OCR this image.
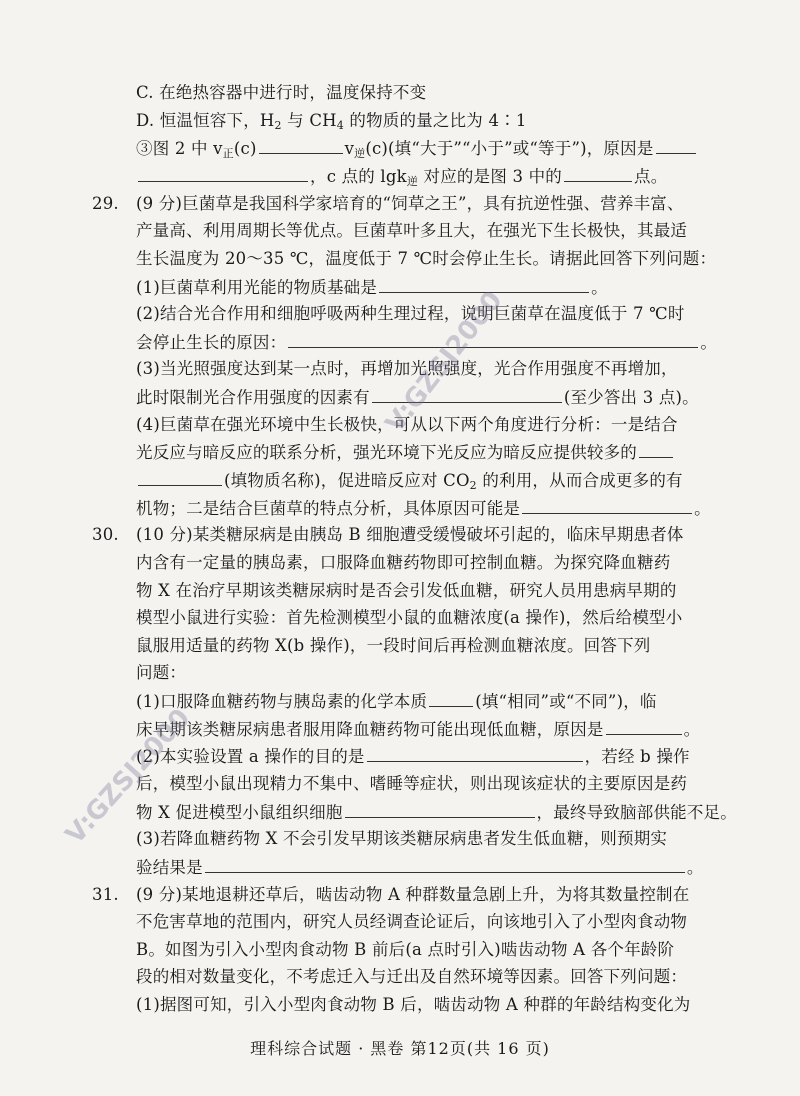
C. 在绝热容器中进行时，温度保持不变
D. 恒温恒容下，$H_2$ 与 $CH_4$ 的物质的量之比为 4∶1
③图 2 中 $v_正(c)$	$v_逆(c)$(填“大于”“小于”或“等于”)，原因是
，c 点的 lgk$_逆$ 对应的是图 3 中的	点。
29. (9 分)巨菌草是我国科学家培育的“饲草之王”，具有抗逆性强、营养丰富、
产量高、利用周期长等优点。巨菌草叶多且大，在强光下生长极快，其最适
生长温度为 20～35 ℃，温度低于 7 ℃时会停止生长。请据此回答下列问题：
(1)巨菌草利用光能的物质基础是	。
(2)结合光合作用和细胞呼吸两种生理过程，说明巨菌草在温度低于 7 ℃时
会停止生长的原因：	。
(3)当光照强度达到某一点时，再增加光照强度，光合作用强度不再增加，
此时限制光合作用强度的因素有	(至少答出 3 点)。
(4)巨菌草在强光环境中生长极快，可从以下两个角度进行分析：一是结合
光反应与暗反应的联系分析，强光环境下光反应为暗反应提供较多的
(填物质名称)，促进暗反应对 $CO_2$ 的利用，从而合成更多的有
机物；二是结合巨菌草的特点分析，具体原因可能是	。
30. (10 分)某类糖尿病是由胰岛 B 细胞遭受缓慢破坏引起的，临床早期患者体
内含有一定量的胰岛素，口服降血糖药物即可控制血糖。为探究降血糖药
物 X 在治疗早期该类糖尿病时是否会引发低血糖，研究人员用患病早期的
模型小鼠进行实验：首先检测模型小鼠的血糖浓度(a 操作)，然后给模型小
鼠服用适量的药物 X(b 操作)，一段时间后再检测血糖浓度。回答下列
问题：
(1)口服降血糖药物与胰岛素的化学本质	(填“相同”或“不同”)，临
床早期该类糖尿病患者服用降血糖药物可能出现低血糖，原因是	。
(2)本实验设置 a 操作的目的是	，若经 b 操作
后，模型小鼠出现精力不集中、嗜睡等症状，则出现该症状的主要原因是药
物 X 促进模型小鼠组织细胞	，最终导致脑部供能不足。
(3)若降血糖药物 X 不会引发早期该类糖尿病患者发生低血糖，则预期实
验结果是	。
31. (9 分)某地退耕还草后，啮齿动物 A 种群数量急剧上升，为将其数量控制在
不危害草地的范围内，研究人员经调查论证后，向该地引入了小型肉食动物
B。如图为引入小型肉食动物 B 前后(a 点时引入)啮齿动物 A 各个年龄阶
段的相对数量变化，不考虑迁入与迁出及自然环境等因素。回答下列问题：
(1)据图可知，引入小型肉食动物 B 后，啮齿动物 A 种群的年龄结构变化为
理科综合试题 · 黑卷 第12页(共 16 页)
V:GZSJ2000
V:GZSJ2000
